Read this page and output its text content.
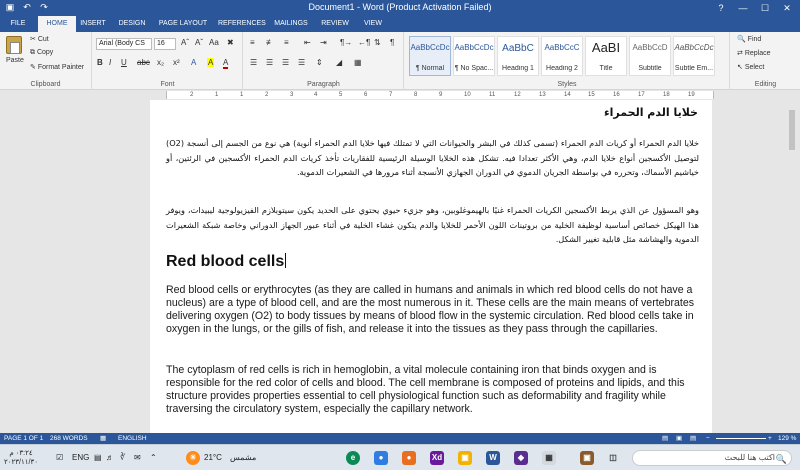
▣ ↶ ↷	Document1 - Word (Product Activation Failed)	?	—	☐	✕
FILE	HOME	INSERT	DESIGN	PAGE LAYOUT REFERENCES	MAILINGS	REVIEW	VIEW
Paste
✂ Cut
⧉ Copy
✎ Format Painter
Clipboard
Arial (Body CS	16	Aˆ Aˇ Aa ✖
B I U abc x₂ x² A A A
Font
≡ ≢ ≡ ⇤ ⇥ ¶→ ←¶ ⇅ ¶
☰ ☰ ☰ ☰ ⇕ ◢ ▦
Paragraph
AaBbCcDc
¶ Normal
AaBbCcDc
¶ No Spac...
AaBbC
Heading 1
AaBbCcC
Heading 2
AaBI
Title
AaBbCcD
Subtitle
AaBbCcDc
Subtle Em...
Styles
🔍 Find
⇄ Replace
↖ Select
Editing
2	1	1	2	3	4	5	6	7	8	9	10	11	12	13	14	15	16	17	18	19
خلايا الدم الحمراء
خلايا الدم الحمراء أو كريات الدم الحمراء (تسمى كذلك في البشر والحيوانات التي لا تمتلك فيها خلايا الدم الحمراء أنوية) هي نوع من الجسم إلى أنسجة (O2) لتوصيل الأكسجين أنواع خلايا الدم، وهي الأكثر تعدادا فيه. تشكل هذه الخلايا الوسيلة الرئيسية للفقاريات تأخذ كريات الدم الحمراء الأكسجين في الرئتين، أو خياشيم الأسماك، وتحرره في بواسطة الجريان الدموي في الدوران الجهازي الأنسجة أثناء مرورها في الشعيرات الدموية.
وهو المسؤول عن الذي يربط الأكسجين الكريات الحمراء غنيًا بالهيموغلوبين، وهو جزيء حيوي يحتوي على الحديد يكون سيتوبلازم الفيزيولوجية ليبيدات، ويوفر هذا الهيكل خصائص أساسية لوظيفة الخلية من بروتينات اللون الأحمر للخلايا والدم يتكون غشاء الخلية في أثناء عبور الجهاز الدوراني وخاصة شبكة الشعيرات الدموية والهشاشة مثل قابلية تغيير الشكل.
Red blood cells
Red blood cells or erythrocytes (as they are called in humans and animals in which red blood cells do not have a nucleus) are a type of blood cell, and are the most numerous in it. These cells are the main means of vertebrates delivering oxygen (O2) to body tissues by means of blood flow in the systemic circulation. Red blood cells take in oxygen in the lungs, or the gills of fish, and release it into the tissues as they pass through the capillaries.
The cytoplasm of red cells is rich in hemoglobin, a vital molecule containing iron that binds oxygen and is responsible for the red color of cells and blood. The cell membrane is composed of proteins and lipids, and this structure provides properties essential to cell physiological function such as deformability and fragility while traversing the circulatory system, especially the capillary network.
PAGE 1 OF 1 268 WORDS ▦ ENGLISH	▤ ▣ ▤ −	+ 129 %
٠٣:٢٤ م
٢٠٢٣/١١/٣٠
☑ ENG ▤ ♬ ∛ ✉ ⌃	☀ 21°C مشمس	e	●	●	Xd	▣	W	◆	▦	▣	◫	🔍
اكتب هنا للبحث
